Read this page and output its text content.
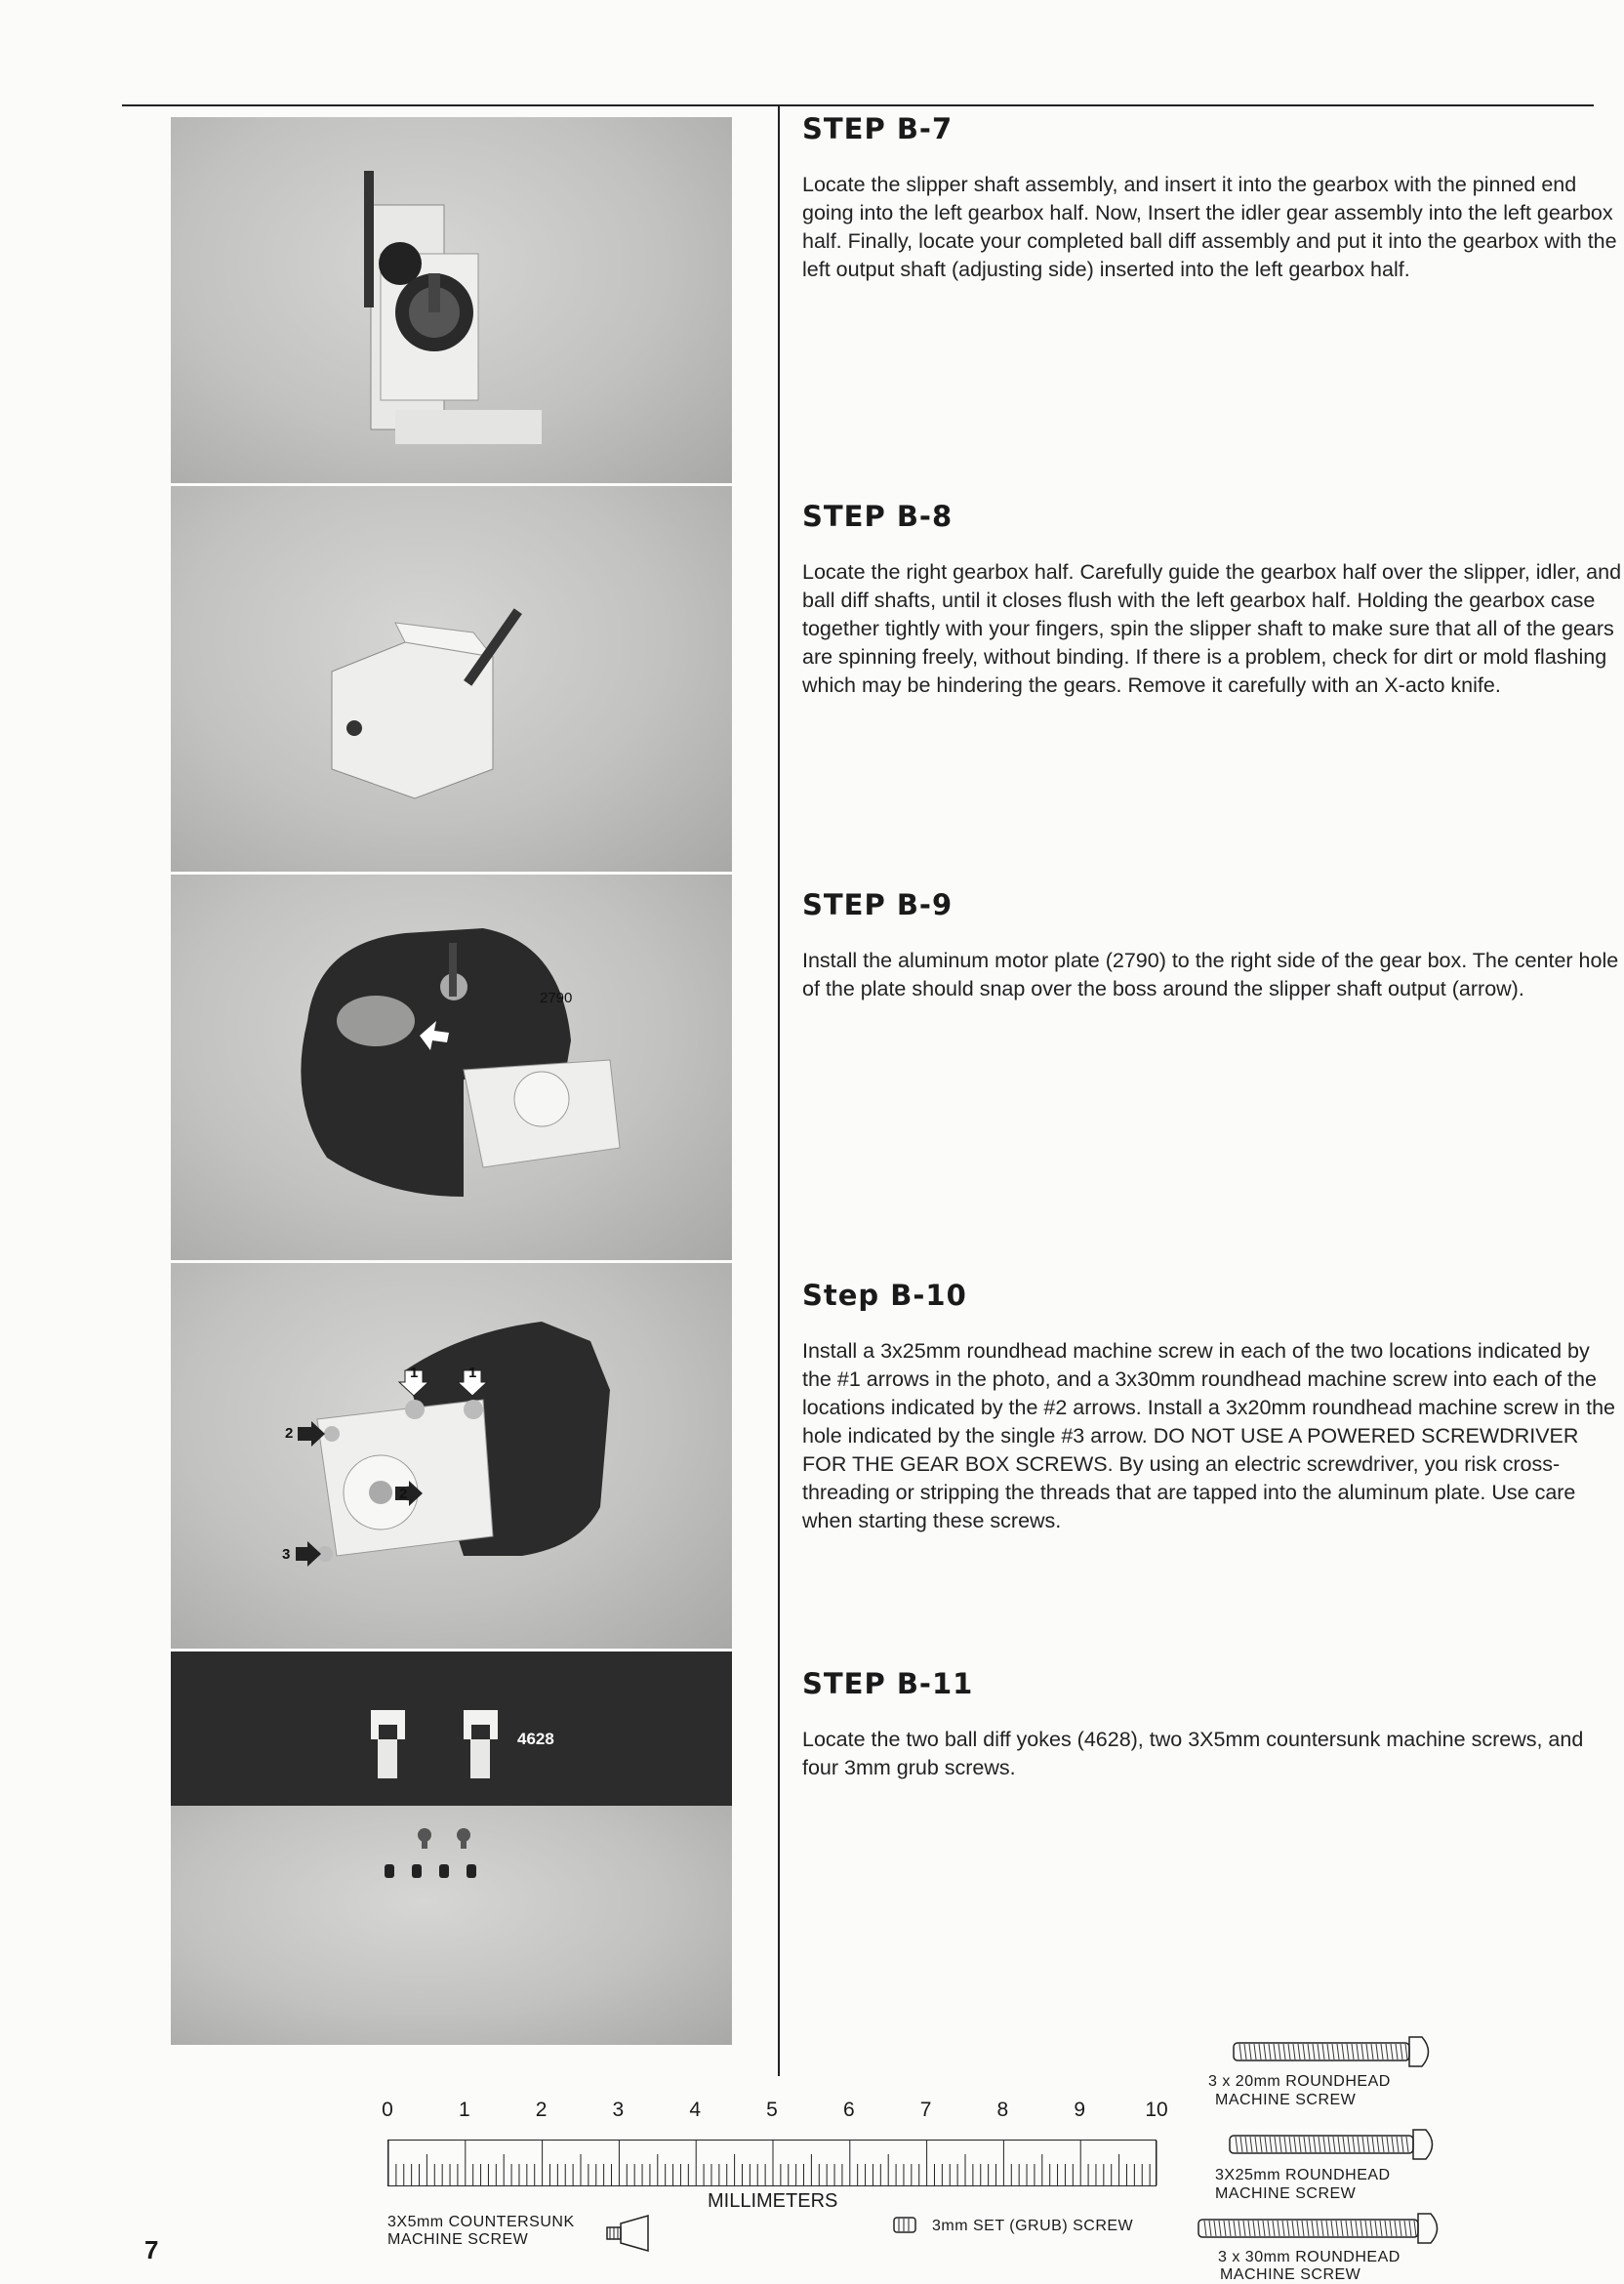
2790
1	1
2
2
3
4628
STEP B-7

Locate the slipper shaft assembly, and insert it into the gearbox with the pinned end going into the left gearbox half. Now, Insert the idler gear assembly into the left gearbox half. Finally, locate your completed ball diff assembly and put it into the gearbox with the left output shaft (adjusting side) inserted into the left gearbox half.

STEP B-8

Locate the right gearbox half. Carefully guide the gearbox half over the slipper, idler, and ball diff shafts, until it closes flush with the left gearbox half. Holding the gearbox case together tightly with your fingers, spin the slipper shaft to make sure that all of the gears are spinning freely, without binding. If there is a problem, check for dirt or mold flashing which may be hindering the gears. Remove it carefully with an X-acto knife.

STEP B-9

Install the aluminum motor plate (2790) to the right side of the gear box. The center hole of the plate should snap over the boss around the slipper shaft output (arrow).

Step B-10

Install a 3x25mm roundhead machine screw in each of the two locations indicated by the #1 arrows in the photo, and a 3x30mm roundhead machine screw into each of the locations indicated by the #2 arrows. Install a 3x20mm roundhead machine screw in the hole indicated by the single #3 arrow. DO NOT USE A POWERED SCREWDRIVER FOR THE GEAR BOX SCREWS. By using an electric screwdriver, you risk cross-threading or stripping the threads that are tapped into the aluminum plate. Use care when starting these screws.

STEP B-11

Locate the two ball diff yokes (4628), two 3X5mm countersunk machine screws, and four 3mm grub screws.

0	1	2	3	4	5	6	7	8	9	10
MILLIMETERS
3X5mm COUNTERSUNK MACHINE SCREW
3mm SET (GRUB) SCREW
3 x 20mm ROUNDHEAD
MACHINE SCREW
3X25mm ROUNDHEAD
MACHINE SCREW
3 x 30mm ROUNDHEAD
MACHINE SCREW
7
